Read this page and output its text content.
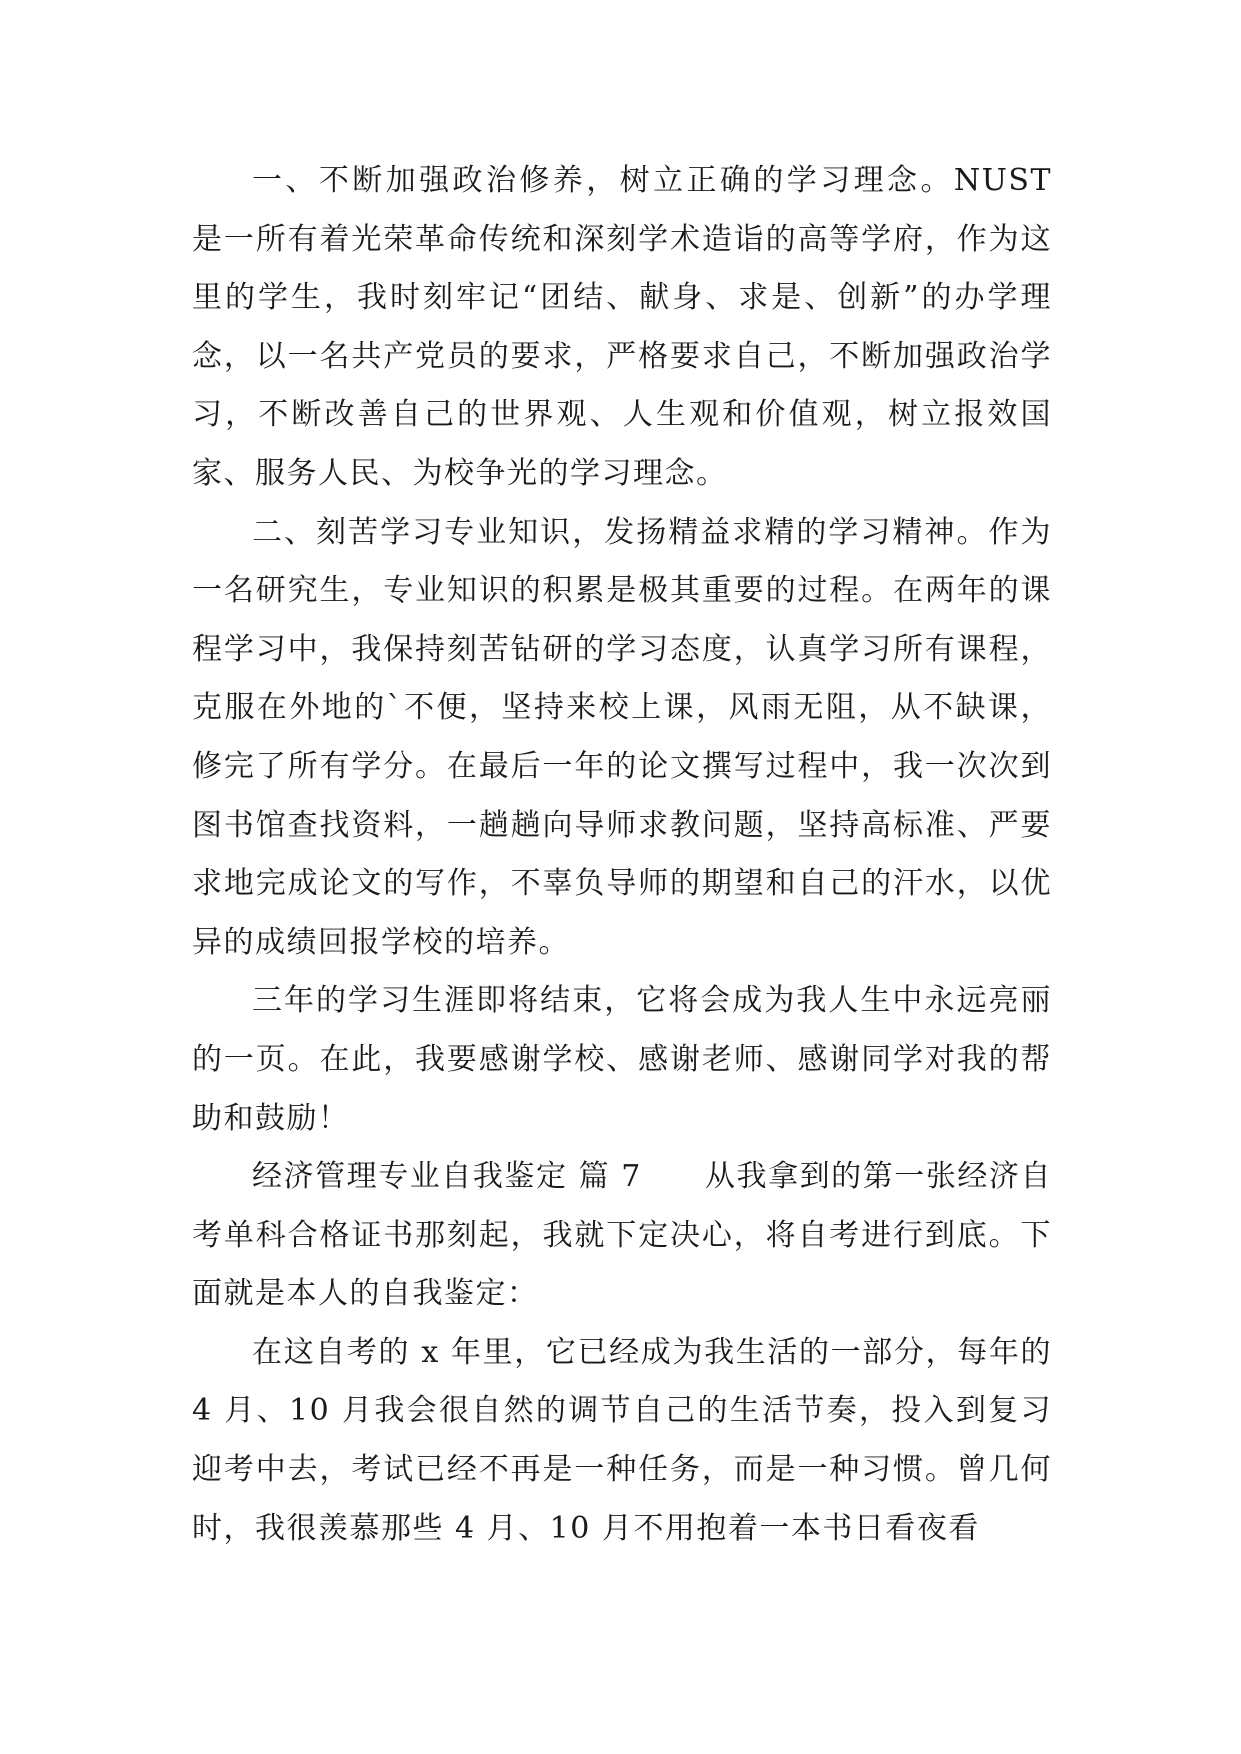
一、不断加强政治修养，树立正确的学习理念。NUST 是一所有着光荣革命传统和深刻学术造诣的高等学府，作为这里的学生，我时刻牢记“团结、献身、求是、创新”的办学理念，以一名共产党员的要求，严格要求自己，不断加强政治学习，不断改善自己的世界观、人生观和价值观，树立报效国家、服务人民、为校争光的学习理念。

二、刻苦学习专业知识，发扬精益求精的学习精神。作为一名研究生，专业知识的积累是极其重要的过程。在两年的课程学习中，我保持刻苦钻研的学习态度，认真学习所有课程，克服在外地的`不便，坚持来校上课，风雨无阻，从不缺课，修完了所有学分。在最后一年的论文撰写过程中，我一次次到图书馆查找资料，一趟趟向导师求教问题，坚持高标准、严要求地完成论文的写作，不辜负导师的期望和自己的汗水，以优异的成绩回报学校的培养。

三年的学习生涯即将结束，它将会成为我人生中永远亮丽的一页。在此，我要感谢学校、感谢老师、感谢同学对我的帮助和鼓励！

经济管理专业自我鉴定 篇 7　　从我拿到的第一张经济自考单科合格证书那刻起，我就下定决心，将自考进行到底。下面就是本人的自我鉴定：

在这自考的 x 年里，它已经成为我生活的一部分，每年的 4 月、10 月我会很自然的调节自己的生活节奏，投入到复习迎考中去，考试已经不再是一种任务，而是一种习惯。曾几何时，我很羡慕那些 4 月、10 月不用抱着一本书日看夜看
